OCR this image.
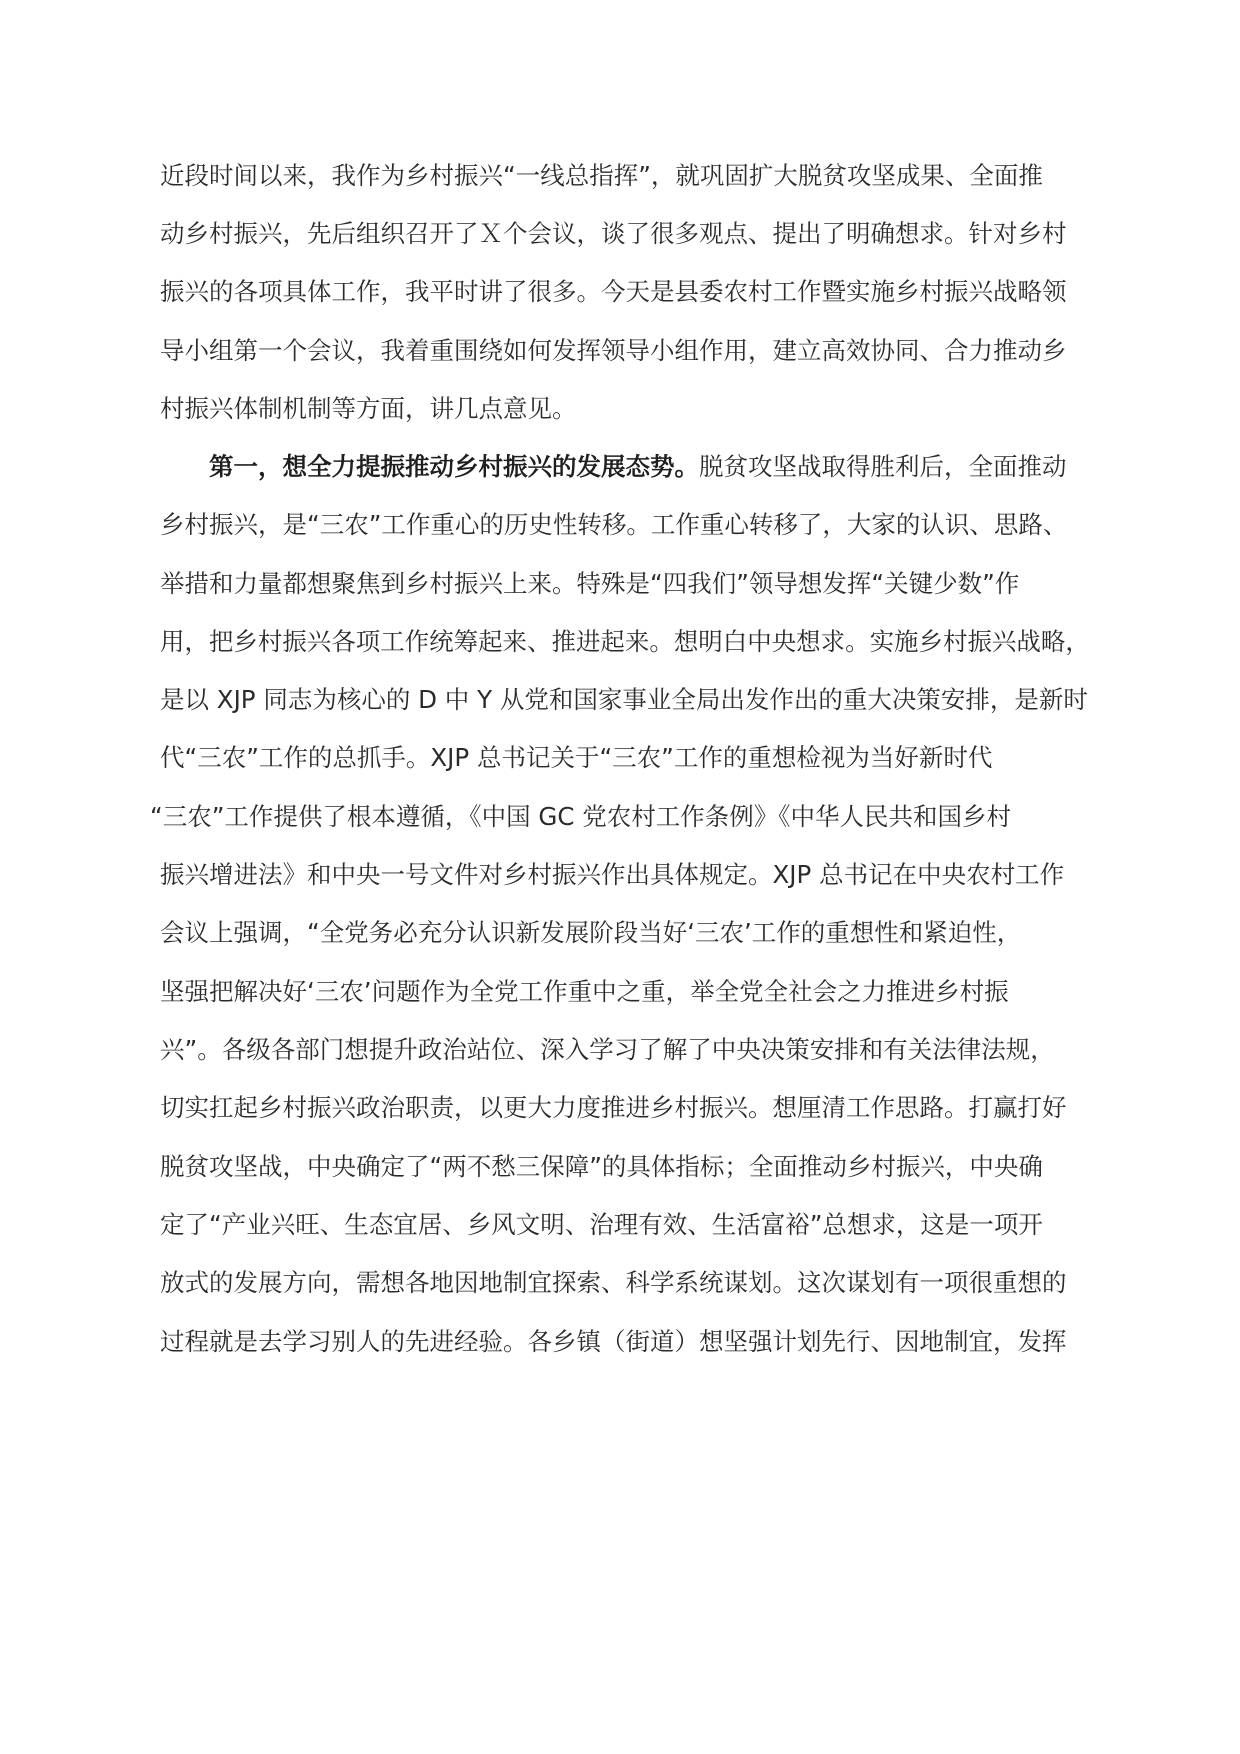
近段时间以来，我作为乡村振兴“一线总指挥”，就巩固扩大脱贫攻坚成果、全面推
动乡村振兴，先后组织召开了Ｘ个会议，谈了很多观点、提出了明确想求。针对乡村
振兴的各项具体工作，我平时讲了很多。今天是县委农村工作暨实施乡村振兴战略领
导小组第一个会议，我着重围绕如何发挥领导小组作用，建立高效协同、合力推动乡
村振兴体制机制等方面，讲几点意见。
第一，想全力提振推动乡村振兴的发展态势。脱贫攻坚战取得胜利后，全面推动
乡村振兴，是“三农”工作重心的历史性转移。工作重心转移了，大家的认识、思路、
举措和力量都想聚焦到乡村振兴上来。特殊是“四我们”领导想发挥“关键少数”作
用，把乡村振兴各项工作统筹起来、推进起来。想明白中央想求。实施乡村振兴战略，
是以 XJP 同志为核心的 D 中 Y 从党和国家事业全局出发作出的重大决策安排，是新时
代“三农”工作的总抓手。XJP 总书记关于“三农”工作的重想检视为当好新时代
“三农”工作提供了根本遵循，《中国 GC 党农村工作条例》《中华人民共和国乡村
振兴增进法》和中央一号文件对乡村振兴作出具体规定。XJP 总书记在中央农村工作
会议上强调，“全党务必充分认识新发展阶段当好‘三农’工作的重想性和紧迫性，
坚强把解决好‘三农’问题作为全党工作重中之重，举全党全社会之力推进乡村振
兴”。各级各部门想提升政治站位、深入学习了解了中央决策安排和有关法律法规，
切实扛起乡村振兴政治职责，以更大力度推进乡村振兴。想厘清工作思路。打赢打好
脱贫攻坚战，中央确定了“两不愁三保障”的具体指标；全面推动乡村振兴，中央确
定了“产业兴旺、生态宜居、乡风文明、治理有效、生活富裕”总想求，这是一项开
放式的发展方向，需想各地因地制宜探索、科学系统谋划。这次谋划有一项很重想的
过程就是去学习别人的先进经验。各乡镇（街道）想坚强计划先行、因地制宜，发挥
